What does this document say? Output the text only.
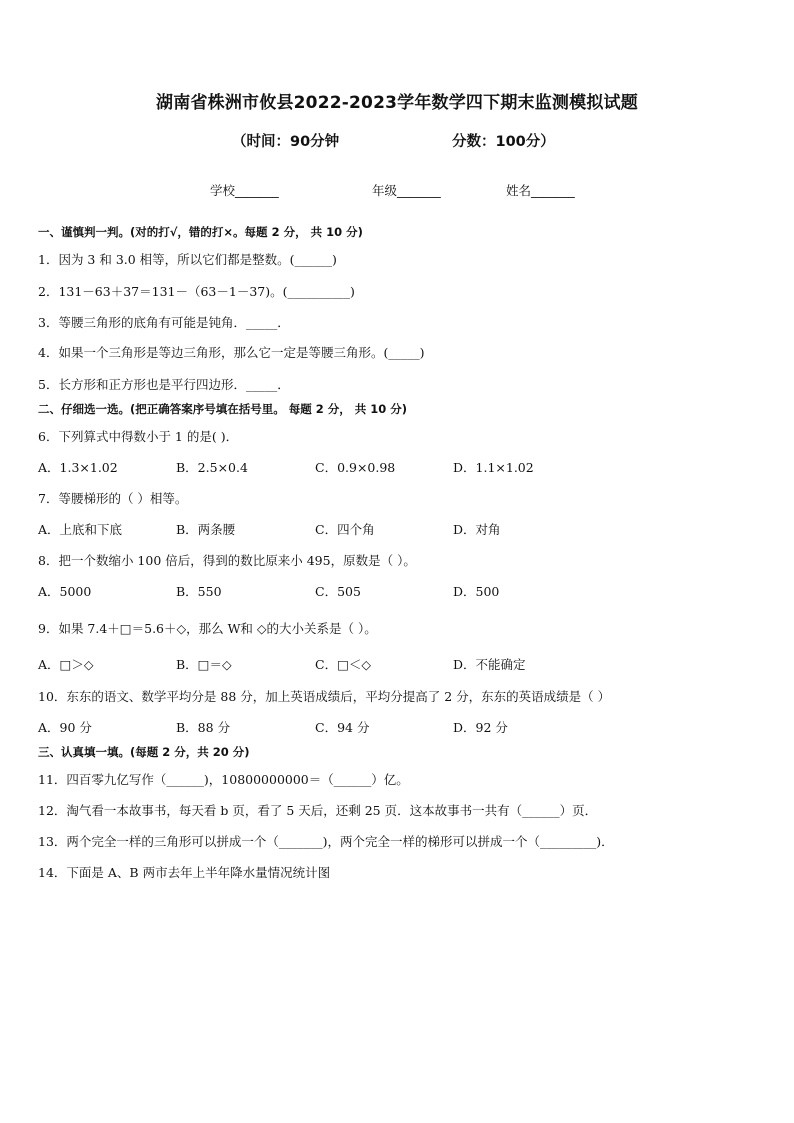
湖南省株洲市攸县2022-2023学年数学四下期末监测模拟试题
（时间：90分钟	分数：100分）
学校_______	年级_______	姓名_______
一、谨慎判一判。(对的打√，错的打×。每题 2 分， 共 10 分)
1．因为 3 和 3.0 相等，所以它们都是整数。(______)
2．131－63＋37＝131－（63－1－37)。(__________)
3．等腰三角形的底角有可能是钝角．_____．
4．如果一个三角形是等边三角形，那么它一定是等腰三角形。(_____)
5．长方形和正方形也是平行四边形．_____．
二、仔细选一选。(把正确答案序号填在括号里。 每题 2 分， 共 10 分)
6．下列算式中得数小于 1 的是( )．
A．1.3×1.02	B．2.5×0.4	C．0.9×0.98	D．1.1×1.02
7．等腰梯形的（ ）相等。
A．上底和下底	B．两条腰	C．四个角	D．对角
8．把一个数缩小 100 倍后，得到的数比原来小 495，原数是（ ）。
A．5000	B．550	C．505	D．500
9．如果 7.4＋□＝5.6＋◇，那么 W和 ◇的大小关系是（ ）。
A．□＞◇	B．□＝◇	C．□＜◇	D．不能确定
10．东东的语文、数学平均分是 88 分，加上英语成绩后，平均分提高了 2 分，东东的英语成绩是（ ）
A．90 分	B．88 分	C．94 分	D．92 分
三、认真填一填。(每题 2 分，共 20 分)
11．四百零九亿写作（______)，10800000000＝（______）亿。
12．淘气看一本故事书，每天看 b 页，看了 5 天后，还剩 25 页．这本故事书一共有（______）页．
13．两个完全一样的三角形可以拼成一个（_______)，两个完全一样的梯形可以拼成一个（_________)．
14．下面是 A、B 两市去年上半年降水量情况统计图
